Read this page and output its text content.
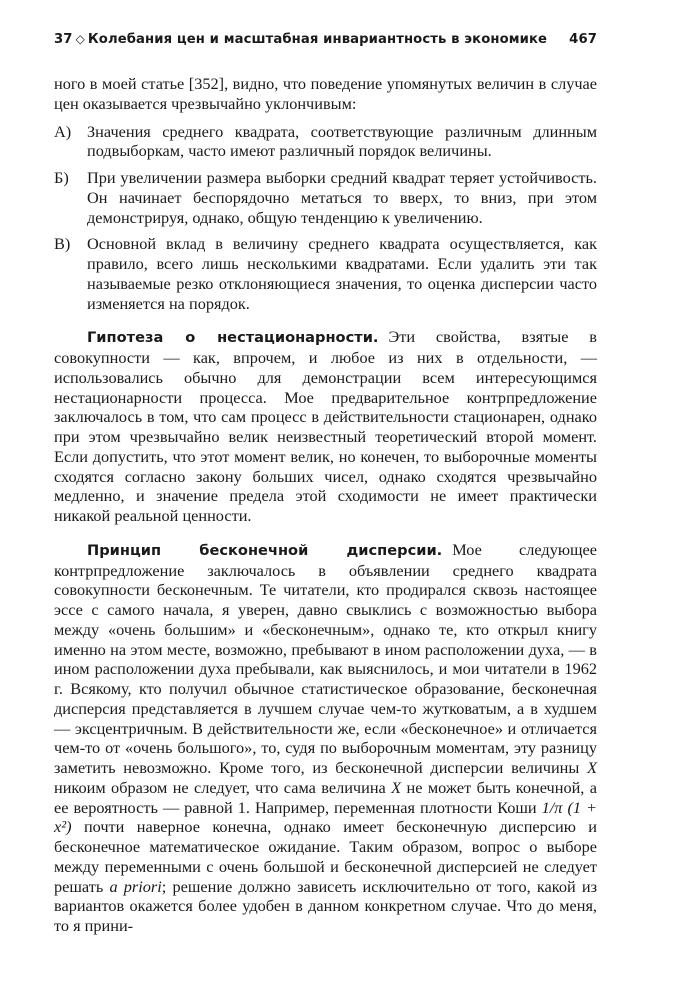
37 ◇ Колебания цен и масштабная инвариантность в экономике 467

ного в моей статье [352], видно, что поведение упомянутых величин в случае цен оказывается чрезвычайно уклончивым:

А) Значения среднего квадрата, соответствующие различным длинным подвыборкам, часто имеют различный порядок величины.
Б)	При увеличении размера выборки средний квадрат теряет устойчивость. Он начинает беспорядочно метаться то вверх, то вниз, при этом демонстрируя, однако, общую тенденцию к увеличению.
В)	Основной вклад в величину среднего квадрата осуществляется, как правило, всего лишь несколькими квадратами. Если удалить эти так называемые резко отклоняющиеся значения, то оценка дисперсии часто изменяется на порядок.

Гипотеза о нестационарности. Эти свойства, взятые в совокупности — как, впрочем, и любое из них в отдельности, — использовались обычно для демонстрации всем интересующимся нестационарности процесса. Мое предварительное контрпредложение заключалось в том, что сам процесс в действительности стационарен, однако при этом чрезвычайно велик неизвестный теоретический второй момент. Если допустить, что этот момент велик, но конечен, то выборочные моменты сходятся согласно закону больших чисел, однако сходятся чрезвычайно медленно, и значение предела этой сходимости не имеет практически никакой реальной ценности.

Принцип бесконечной дисперсии. Мое следующее контрпредложение заключалось в объявлении среднего квадрата совокупности бесконечным. Те читатели, кто продирался сквозь настоящее эссе с самого начала, я уверен, давно свыклись с возможностью выбора между «очень большим» и «бесконечным», однако те, кто открыл книгу именно на этом месте, возможно, пребывают в ином расположении духа, — в ином расположении духа пребывали, как выяснилось, и мои читатели в 1962 г. Всякому, кто получил обычное статистическое образование, бесконечная дисперсия представляется в лучшем случае чем-то жутковатым, а в худшем — эксцентричным. В действительности же, если «бесконечное» и отличается чем-то от «очень большого», то, судя по выборочным моментам, эту разницу заметить невозможно. Кроме того, из бесконечной дисперсии величины X никоим образом не следует, что сама величина X не может быть конечной, а ее вероятность — равной 1. Например, переменная плотности Коши 1/π (1 + x²) почти наверное конечна, однако имеет бесконечную дисперсию и бесконечное математическое ожидание. Таким образом, вопрос о выборе между переменными с очень большой и бесконечной дисперсией не следует решать a priori; решение должно зависеть исключительно от того, какой из вариантов окажется более удобен в данном конкретном случае. Что до меня, то я прини-
